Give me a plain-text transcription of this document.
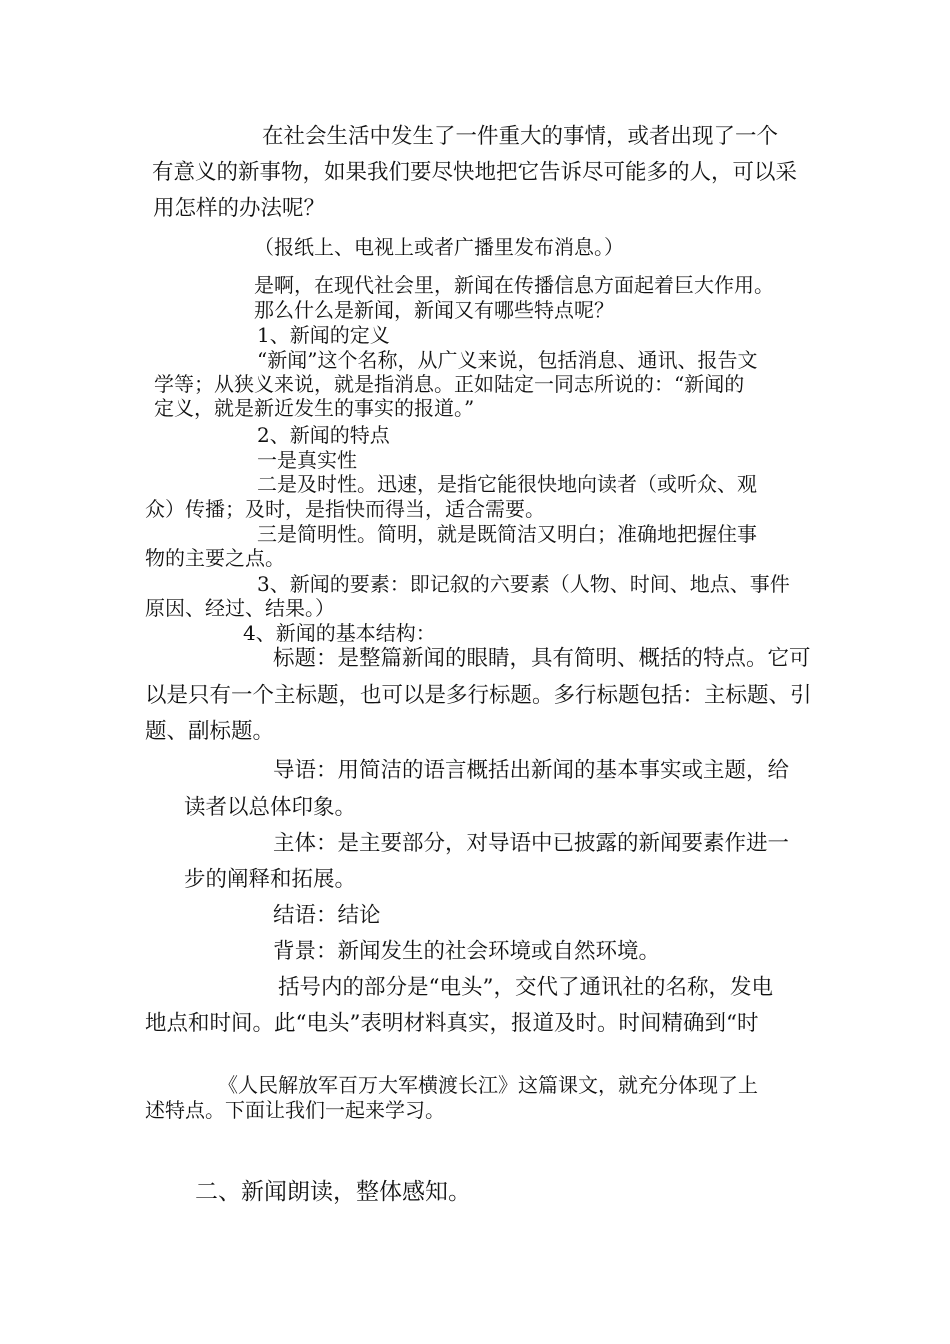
在社会生活中发生了一件重大的事情，或者出现了一个
有意义的新事物，如果我们要尽快地把它告诉尽可能多的人，可以采
用怎样的办法呢？
（报纸上、电视上或者广播里发布消息。）
是啊，在现代社会里，新闻在传播信息方面起着巨大作用。
那么什么是新闻，新闻又有哪些特点呢？
1、新闻的定义
“新闻”这个名称，从广义来说，包括消息、通讯、报告文
学等；从狭义来说，就是指消息。正如陆定一同志所说的：“新闻的
定义，就是新近发生的事实的报道。”
2、新闻的特点
一是真实性
二是及时性。迅速，是指它能很快地向读者（或听众、观
众）传播；及时，是指快而得当，适合需要。
三是简明性。简明，就是既简洁又明白；准确地把握住事
物的主要之点。
3、新闻的要素：即记叙的六要素（人物、时间、地点、事件
原因、经过、结果。）
4、新闻的基本结构：
标题：是整篇新闻的眼睛，具有简明、概括的特点。它可
以是只有一个主标题，也可以是多行标题。多行标题包括：主标题、引
题、副标题。
导语：用简洁的语言概括出新闻的基本事实或主题，给
读者以总体印象。
主体：是主要部分，对导语中已披露的新闻要素作进一
步的阐释和拓展。
结语：结论
背景：新闻发生的社会环境或自然环境。
括号内的部分是“电头”，交代了通讯社的名称，发电
地点和时间。此“电头”表明材料真实，报道及时。时间精确到“时
《人民解放军百万大军横渡长江》这篇课文，就充分体现了上
述特点。下面让我们一起来学习。
二、新闻朗读，整体感知。
